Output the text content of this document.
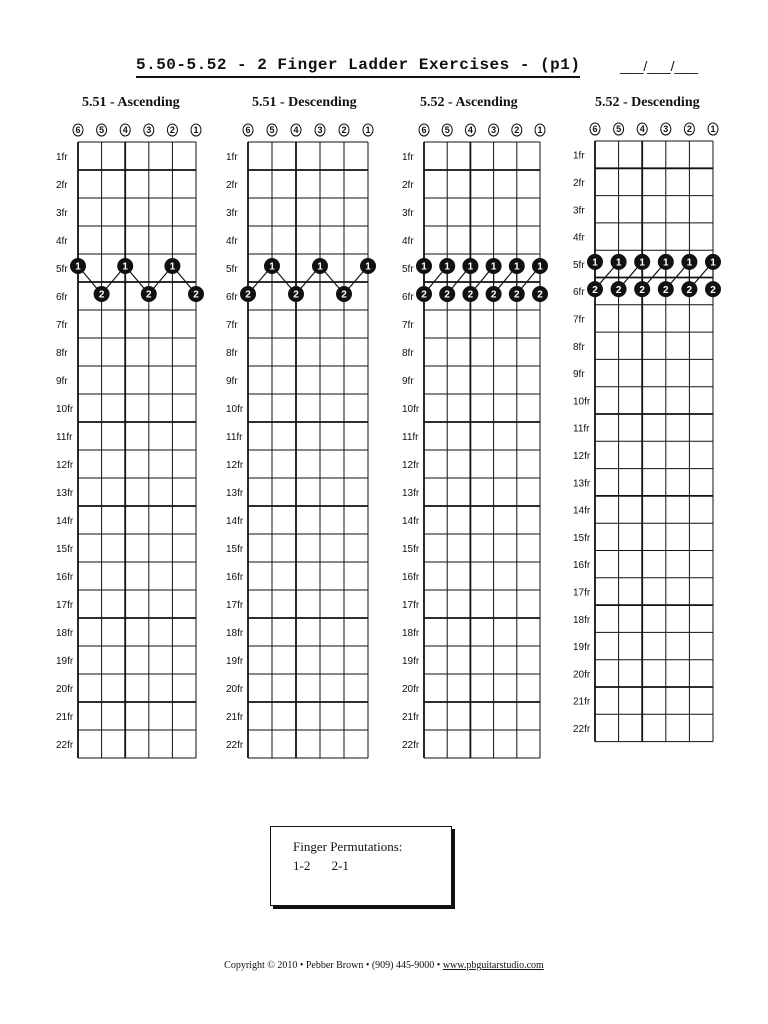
5.50-5.52 - 2 Finger Ladder Exercises - (p1)	___/___/___
5.51 - Ascending	5.51 - Descending	5.52 - Ascending	5.52 - Descending
1fr
2fr
3fr
4fr
5fr
6fr
7fr
8fr
9fr
10fr
11fr
12fr
13fr
14fr
15fr
16fr
17fr
18fr
19fr
20fr
21fr
22fr
6 5 4 3 2 1
1
2
1
2
1
2
1fr
2fr
3fr
4fr
5fr
6fr
7fr
8fr
9fr
10fr
11fr
12fr
13fr
14fr
15fr
16fr
17fr
18fr
19fr
20fr
21fr
22fr
6 5 4 3 2 1
2
1
2
1
2
1
1fr
2fr
3fr
4fr
5fr
6fr
7fr
8fr
9fr
10fr
11fr
12fr
13fr
14fr
15fr
16fr
17fr
18fr
19fr
20fr
21fr
22fr
6 5 4 3 2 1
1
2
1
2
1
2
1
2
1
2
1
2
1fr
2fr
3fr
4fr
5fr
6fr
7fr
8fr
9fr
10fr
11fr
12fr
13fr
14fr
15fr
16fr
17fr
18fr
19fr
20fr
21fr
22fr
6 5 4 3 2 1
1
2
1
2
1
2
1
2
1
2
1
2
Finger Permutations:
1-2 2-1
Copyright © 2010 • Pebber Brown • (909) 445-9000 • www.pbguitarstudio.com
